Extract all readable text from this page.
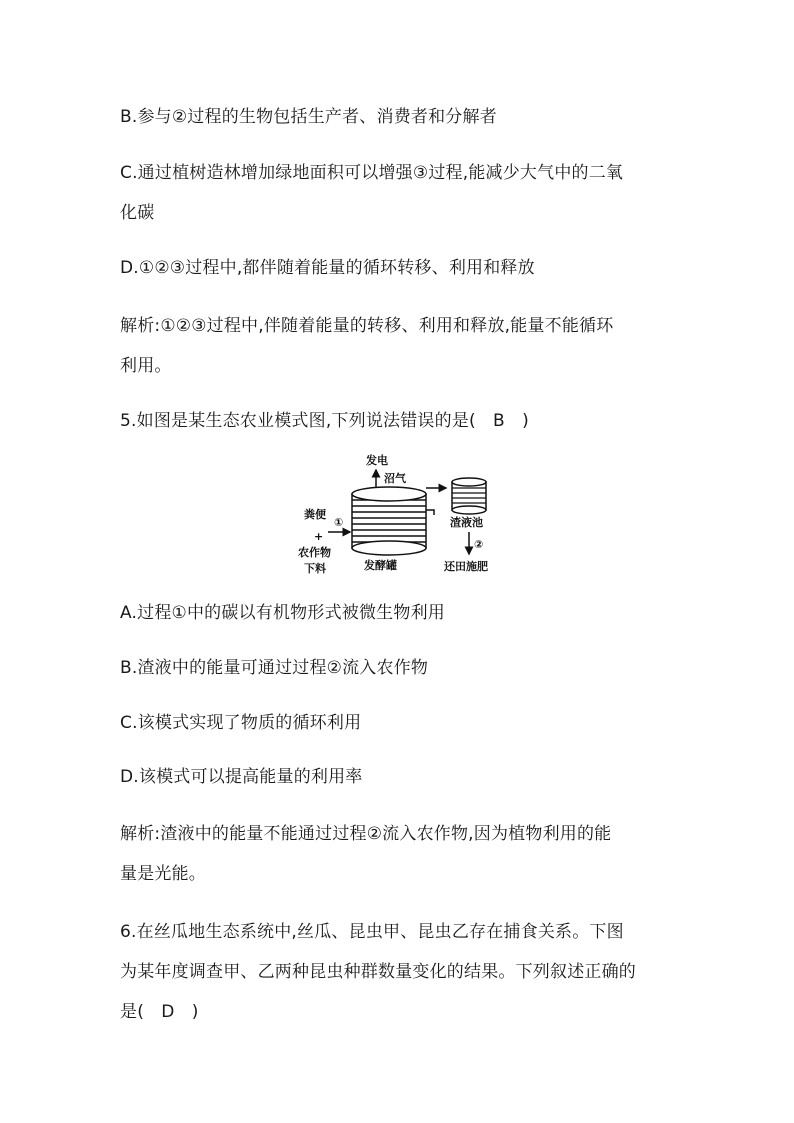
B.参与②过程的生物包括生产者、消费者和分解者
C.通过植树造林增加绿地面积可以增强③过程,能减少大气中的二氧
化碳
D.①②③过程中,都伴随着能量的循环转移、利用和释放
解析:①②③过程中,伴随着能量的转移、利用和释放,能量不能循环
利用。
5.如图是某生态农业模式图,下列说法错误的是(　B　)
发电
沼气
发酵罐
渣液池
②
还田施肥
粪便
①
+
农作物
下料
A.过程①中的碳以有机物形式被微生物利用
B.渣液中的能量可通过过程②流入农作物
C.该模式实现了物质的循环利用
D.该模式可以提高能量的利用率
解析:渣液中的能量不能通过过程②流入农作物,因为植物利用的能
量是光能。
6.在丝瓜地生态系统中,丝瓜、昆虫甲、昆虫乙存在捕食关系。下图
为某年度调查甲、乙两种昆虫种群数量变化的结果。下列叙述正确的
是(　D　)
